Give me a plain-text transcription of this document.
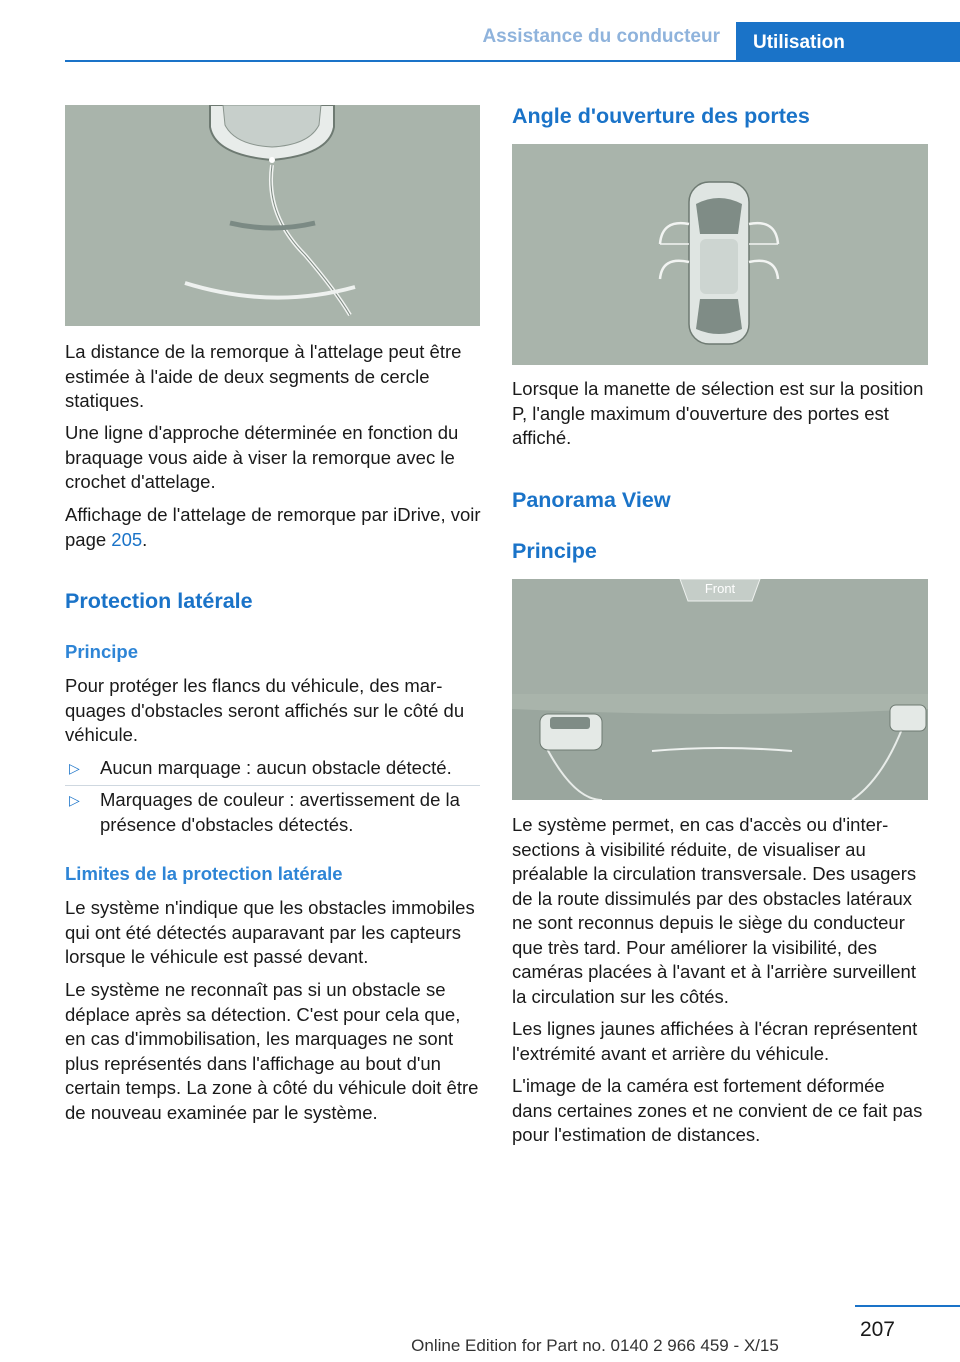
Assistance du conducteur	Utilisation

La distance de la remorque à l'attelage peut être estimée à l'aide de deux segments de cercle statiques.

Une ligne d'approche déterminée en fonction du braquage vous aide à viser la remorque avec le crochet d'attelage.

Affichage de l'attelage de remorque par iDrive, voir page 205.

Protection latérale
Principe

Pour protéger les flancs du véhicule, des marquages d'obstacles seront affichés sur le côté du véhicule.

▷ Aucun marquage : aucun obstacle détecté.
▷ Marquages de couleur : avertissement de la présence d'obstacles détectés.
Limites de la protection latérale

Le système n'indique que les obstacles immobiles qui ont été détectés auparavant par les capteurs lorsque le véhicule est passé devant.

Le système ne reconnaît pas si un obstacle se déplace après sa détection. C'est pour cela que, en cas d'immobilisation, les marquages ne sont plus représentés dans l'affichage au bout d'un certain temps. La zone à côté du véhicule doit être de nouveau examinée par le système.

Angle d'ouverture des portes

Lorsque la manette de sélection est sur la position P, l'angle maximum d'ouverture des portes est affiché.

Panorama View
Principe
Front

Le système permet, en cas d'accès ou d'intersections à visibilité réduite, de visualiser au préalable la circulation transversale. Des usagers de la route dissimulés par des obstacles latéraux ne sont reconnus depuis le siège du conducteur que très tard. Pour améliorer la visibilité, des caméras placées à l'avant et à l'arrière surveillent la circulation sur les côtés.

Les lignes jaunes affichées à l'écran représentent l'extrémité avant et arrière du véhicule.

L'image de la caméra est fortement déformée dans certaines zones et ne convient de ce fait pas pour l'estimation de distances.

207
Online Edition for Part no. 0140 2 966 459 - X/15
